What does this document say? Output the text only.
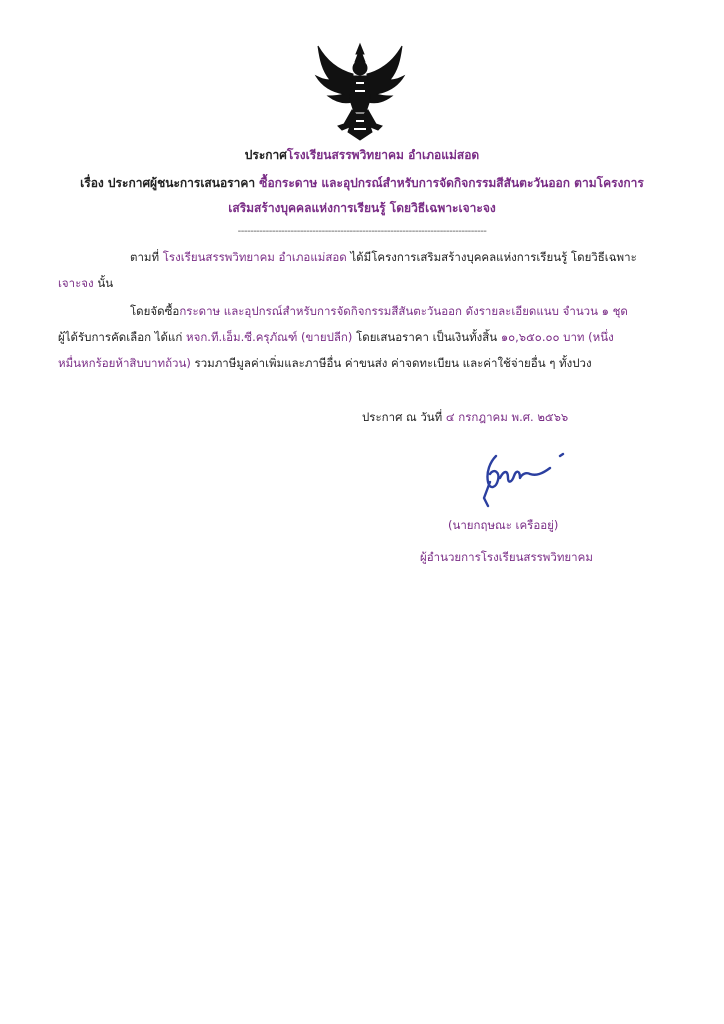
ประกาศโรงเรียนสรรพวิทยาคม อำเภอแม่สอด
เรื่อง ประกาศผู้ชนะการเสนอราคา ซื้อกระดาษ และอุปกรณ์สำหรับการจัดกิจกรรมสีสันตะวันออก ตามโครงการ
เสริมสร้างบุคคลแห่งการเรียนรู้ โดยวิธีเฉพาะเจาะจง
--------------------------------------------------------------------------------
ตามที่ โรงเรียนสรรพวิทยาคม อำเภอแม่สอด ได้มีโครงการเสริมสร้างบุคคลแห่งการเรียนรู้ โดยวิธีเฉพาะ
เจาะจง นั้น
โดยจัดซื้อกระดาษ และอุปกรณ์สำหรับการจัดกิจกรรมสีสันตะวันออก ดังรายละเอียดแนบ จำนวน ๑ ชุด
ผู้ได้รับการคัดเลือก ได้แก่ หจก.ที.เอ็ม.ซี.ครุภัณฑ์ (ขายปลีก) โดยเสนอราคา เป็นเงินทั้งสิ้น ๑๐,๖๕๐.๐๐ บาท (หนึ่ง
หมื่นหกร้อยห้าสิบบาทถ้วน) รวมภาษีมูลค่าเพิ่มและภาษีอื่น ค่าขนส่ง ค่าจดทะเบียน และค่าใช้จ่ายอื่น ๆ ทั้งปวง
ประกาศ ณ วันที่ ๔ กรกฎาคม พ.ศ. ๒๕๖๖
(นายกฤษณะ เครืออยู่)
ผู้อำนวยการโรงเรียนสรรพวิทยาคม
